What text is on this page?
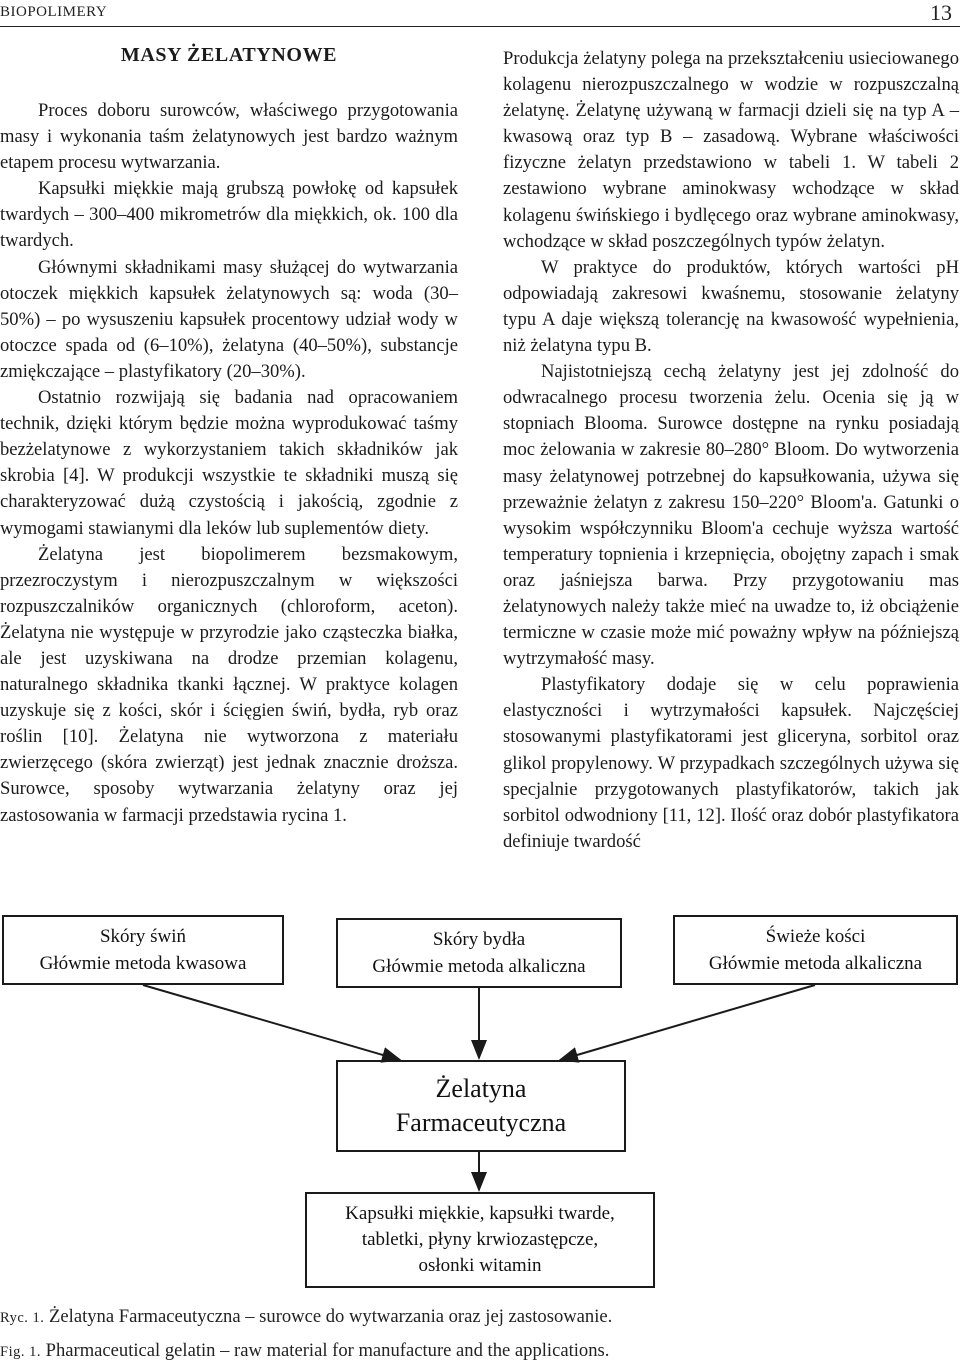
BIOPOLIMERY	13
MASY ŻELATYNOWE

Proces doboru surowców, właściwego przygotowania masy i wykonania taśm żelatynowych jest bardzo ważnym etapem procesu wytwarzania.

Kapsułki miękkie mają grubszą powłokę od kapsułek twardych – 300–400 mikrometrów dla miękkich, ok. 100 dla twardych.

Głównymi składnikami masy służącej do wytwarzania otoczek miękkich kapsułek żelatynowych są: woda (30–50%) – po wysuszeniu kapsułek procentowy udział wody w otoczce spada od (6–10%), żelatyna (40–50%), substancje zmiękczające – plastyfikatory (20–30%).

Ostatnio rozwijają się badania nad opracowaniem technik, dzięki którym będzie można wyprodukować taśmy bezżelatynowe z wykorzystaniem takich składników jak skrobia [4]. W produkcji wszystkie te składniki muszą się charakteryzować dużą czystością i jakością, zgodnie z wymogami stawianymi dla leków lub suplementów diety.

Żelatyna jest biopolimerem bezsmakowym, przezroczystym i nierozpuszczalnym w większości rozpuszczalników organicznych (chloroform, aceton). Żelatyna nie występuje w przyrodzie jako cząsteczka białka, ale jest uzyskiwana na drodze przemian kolagenu, naturalnego składnika tkanki łącznej. W praktyce kolagen uzyskuje się z kości, skór i ścięgien świń, bydła, ryb oraz roślin [10]. Żelatyna nie wytworzona z materiału zwierzęcego (skóra zwierząt) jest jednak znacznie droższa. Surowce, sposoby wytwarzania żelatyny oraz jej zastosowania w farmacji przedstawia rycina 1.

Produkcja żelatyny polega na przekształceniu usieciowanego kolagenu nierozpuszczalnego w wodzie w rozpuszczalną żelatynę. Żelatynę używaną w farmacji dzieli się na typ A – kwasową oraz typ B – zasadową. Wybrane właściwości fizyczne żelatyn przedstawiono w tabeli 1. W tabeli 2 zestawiono wybrane aminokwasy wchodzące w skład kolagenu świńskiego i bydlęcego oraz wybrane aminokwasy, wchodzące w skład poszczególnych typów żelatyn.

W praktyce do produktów, których wartości pH odpowiadają zakresowi kwaśnemu, stosowanie żelatyny typu A daje większą tolerancję na kwasowość wypełnienia, niż żelatyna typu B.

Najistotniejszą cechą żelatyny jest jej zdolność do odwracalnego procesu tworzenia żelu. Ocenia się ją w stopniach Blooma. Surowce dostępne na rynku posiadają moc żelowania w zakresie 80–280° Bloom. Do wytworzenia masy żelatynowej potrzebnej do kapsułkowania, używa się przeważnie żelatyn z zakresu 150–220° Bloom'a. Gatunki o wysokim współczynniku Bloom'a cechuje wyższa wartość temperatury topnienia i krzepnięcia, obojętny zapach i smak oraz jaśniejsza barwa. Przy przygotowaniu mas żelatynowych należy także mieć na uwadze to, iż obciążenie termiczne w czasie może mić poważny wpływ na późniejszą wytrzymałość masy.

Plastyfikatory dodaje się w celu poprawienia elastyczności i wytrzymałości kapsułek. Najczęściej stosowanymi plastyfikatorami jest gliceryna, sorbitol oraz glikol propylenowy. W przypadkach szczególnych używa się specjalnie przygotowanych plastyfikatorów, takich jak sorbitol odwodniony [11, 12]. Ilość oraz dobór plastyfikatora definiuje twardość

Skóry świń
Główmie metoda kwasowa
Skóry bydła
Główmie metoda alkaliczna
Świeże kości
Główmie metoda alkaliczna
Żelatyna
Farmaceutyczna
Kapsułki miękkie, kapsułki twarde,
tabletki, płyny krwiozastępcze,
osłonki witamin
Ryc. 1. Żelatyna Farmaceutyczna – surowce do wytwarzania oraz jej zastosowanie.
Fig. 1. Pharmaceutical gelatin – raw material for manufacture and the applications.
